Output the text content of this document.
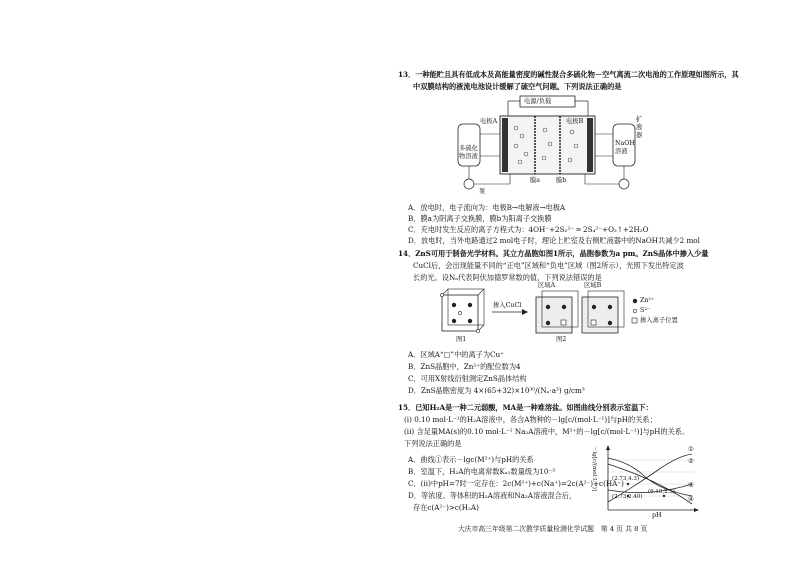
13．一种能贮且具有低成本及高能量密度的碱性混合多硫化物－空气离流二次电池的工作原理如图所示，其
中双膜结构的液流电池设计缓解了硫空气问题。下列说法正确的是
电源/负载
电极A	电极B
多硫化物溶液
NaOH溶液
膜a	膜b
泵
扩液器
A．放电时，电子流向为：电极B→电解液→电极A
B．膜a为阴离子交换膜，膜b为阳离子交换膜
C．充电时发生反应的离子方程式为：4OH⁻+2S₂²⁻ ═ 2S₄²⁻+O₂↑+2H₂O
D．放电时，当外电路通过2 mol电子时，理论上贮室及右侧贮液器中的NaOH共减少2 mol
14．ZnS可用于制备光学材料。其立方晶胞如图1所示，晶胞参数为a pm。ZnS晶体中掺入少量
CuCl后，会出现能量不同的“正电”区域和“负电”区域（图2所示），光照下发出特定波
长的光。设Nₐ代表阿伏加德罗常数的值，下列说法错误的是
掺入CuCl
区域A	区域B
Zn²⁺
S²⁻
掺入离子位置
图1	图2
A．区域A“□”中的离子为Cu⁺
B．ZnS晶胞中，Zn²⁺的配位数为4
C．可用X射线衍射测定ZnS晶体结构
D．ZnS晶胞密度为 4×(65+32)×10³⁰/(Nₐ·a³) g/cm³
15．已知H₂A是一种二元弱酸，MA是一种难溶盐。如图曲线分别表示室温下：
(i) 0.10 mol·L⁻¹的H₂A溶液中，各含A物种的－lg[c/(mol·L⁻¹)]与pH的关系；
(ii) 含足量MA(s)的0.10 mol·L⁻¹ Na₂A溶液中，M²⁺的－lg[c/(mol·L⁻¹)]与pH的关系。
下列说法正确的是
A．曲线①表示－lgc(M²⁺)与pH的关系
B．室温下，H₂A的电离常数Kₐ₁数量级为10⁻³
C．(ii)中pH=7时一定存在：2c(M²⁺)+c(Na⁺)=2c(A²⁻)+c(HA⁻)
D．等浓度、等体积的H₂A溶液和Na₂A溶液混合后，
存在c(A²⁻)>c(H₂A)
－lg[c/(mol·L⁻¹)]
pH
(2.73,4.3)
(2.73,2.40)
(6.10,2.3)
①
②
③
④
大庆市高三年级第二次教学质量检测化学试题　第 4 页 共 8 页
